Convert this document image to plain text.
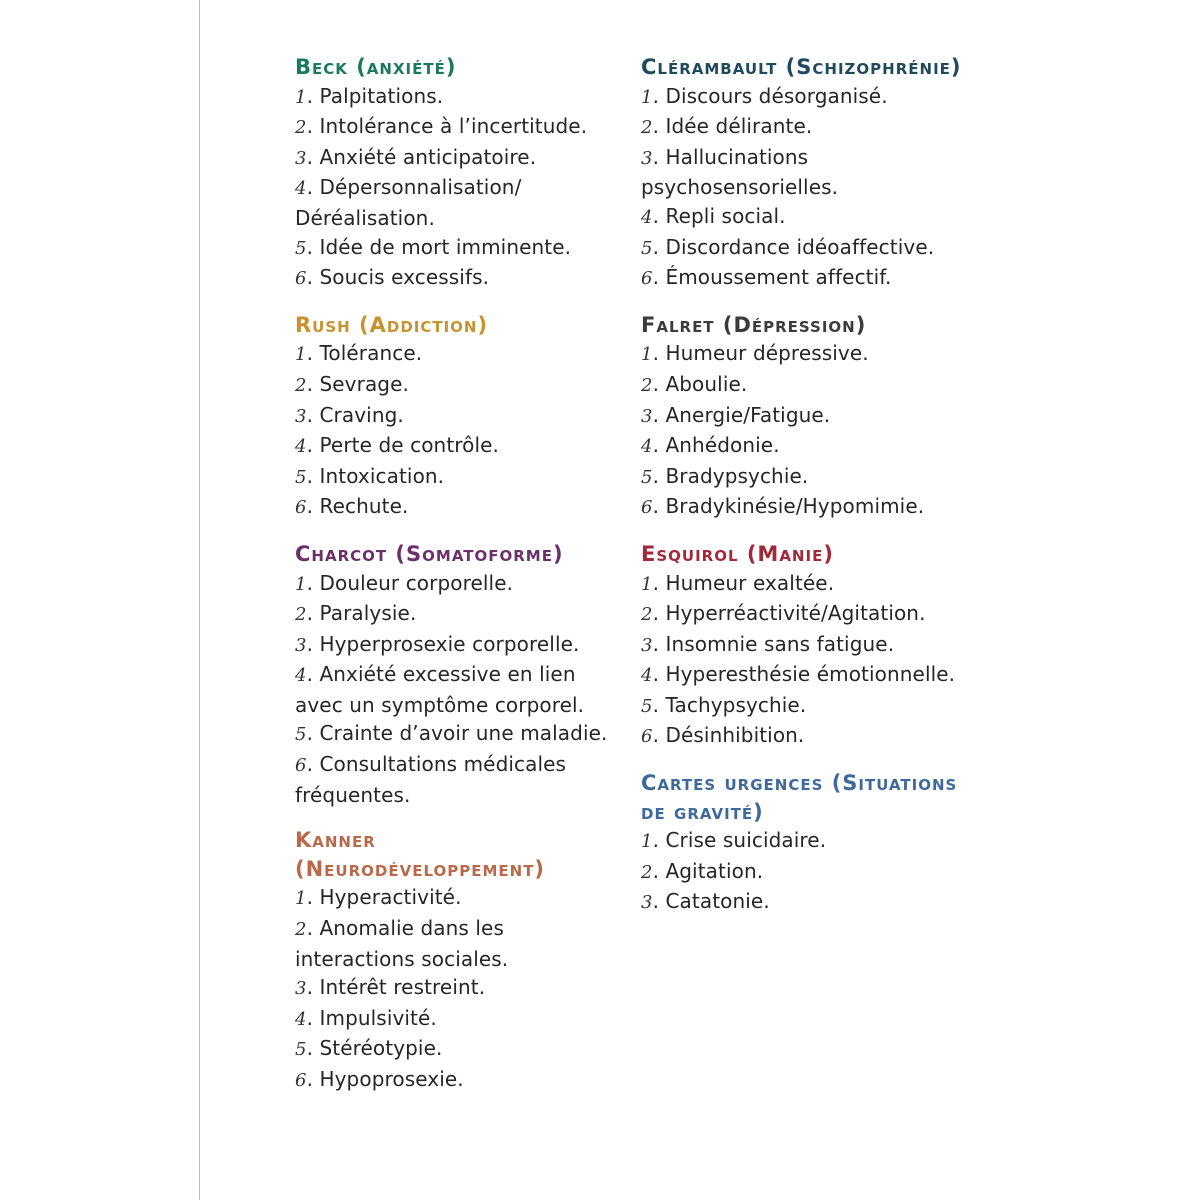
Beck (anxiété)
1. Palpitations.
2. Intolérance à l’incertitude.
3. Anxiété anticipatoire.
4. Dépersonnalisation/ Déréalisation.
5. Idée de mort imminente.
6. Soucis excessifs.
Rush (Addiction)
1. Tolérance.
2. Sevrage.
3. Craving.
4. Perte de contrôle.
5. Intoxication.
6. Rechute.
Charcot (Somatoforme)
1. Douleur corporelle.
2. Paralysie.
3. Hyperprosexie corporelle.
4. Anxiété excessive en lien avec un symptôme corporel.
5. Crainte d’avoir une maladie.
6. Consultations médicales fréquentes.
Kanner (Neurodéveloppement)
1. Hyperactivité.
2. Anomalie dans les interactions sociales.
3. Intérêt restreint.
4. Impulsivité.
5. Stéréotypie.
6. Hypoprosexie.
Clérambault (Schizophrénie)
1. Discours désorganisé.
2. Idée délirante.
3. Hallucinations psychosensorielles.
4. Repli social.
5. Discordance idéoaffective.
6. Émoussement affectif.
Falret (Dépression)
1. Humeur dépressive.
2. Aboulie.
3. Anergie/Fatigue.
4. Anhédonie.
5. Bradypsychie.
6. Bradykinésie/Hypomimie.
Esquirol (Manie)
1. Humeur exaltée.
2. Hyperréactivité/Agitation.
3. Insomnie sans fatigue.
4. Hyperesthésie émotionnelle.
5. Tachypsychie.
6. Désinhibition.
Cartes urgences (Situations de gravité)
1. Crise suicidaire.
2. Agitation.
3. Catatonie.
